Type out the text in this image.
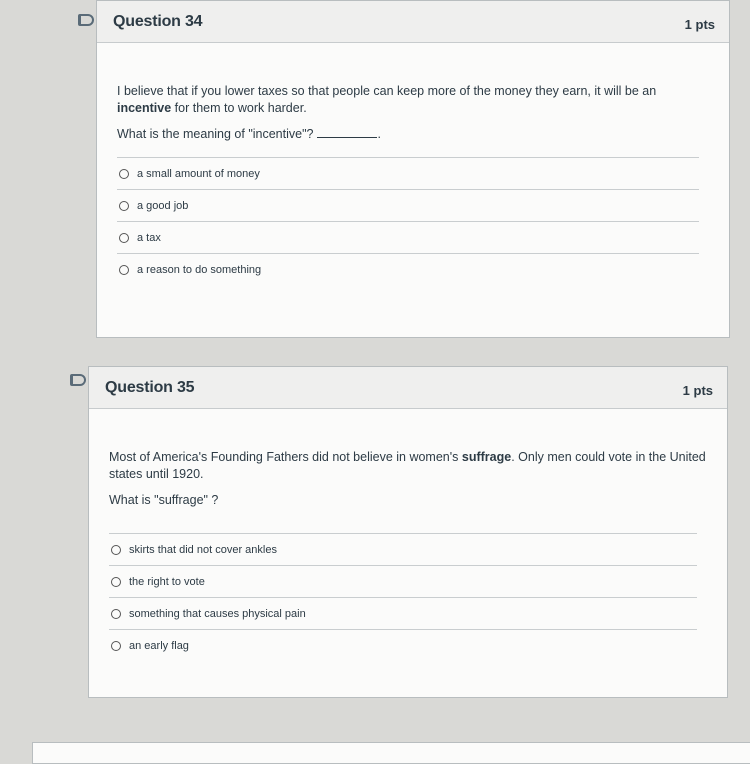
Question 34	1 pts

I believe that if you lower taxes so that people can keep more of the money they earn, it will be an incentive for them to work harder.

What is the meaning of "incentive"?	.

a small amount of money
a good job
a tax
a reason to do something
Question 35	1 pts

Most of America's Founding Fathers did not believe in women's suffrage. Only men could vote in the United states until 1920.

What is "suffrage" ?

skirts that did not cover ankles
the right to vote
something that causes physical pain
an early flag
